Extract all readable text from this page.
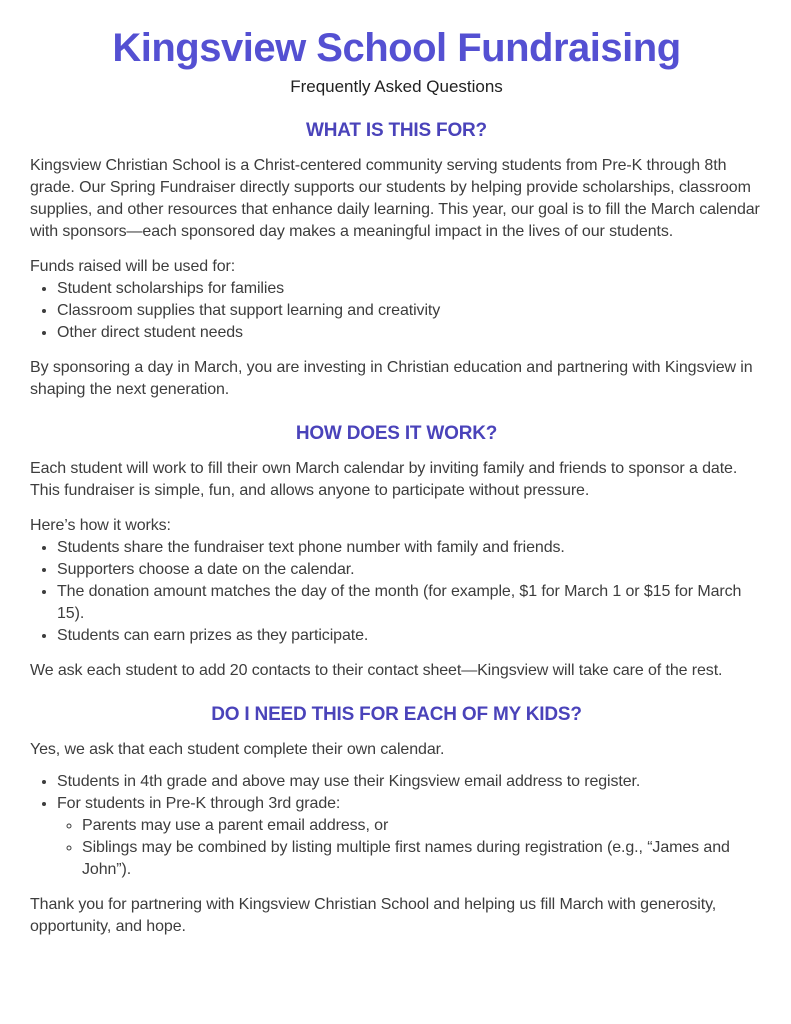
Kingsview School Fundraising

Frequently Asked Questions

WHAT IS THIS FOR?

Kingsview Christian School is a Christ-centered community serving students from Pre-K through 8th grade. Our Spring Fundraiser directly supports our students by helping provide scholarships, classroom supplies, and other resources that enhance daily learning. This year, our goal is to fill the March calendar with sponsors—each sponsored day makes a meaningful impact in the lives of our students.

Funds raised will be used for:

• Student scholarships for families
• Classroom supplies that support learning and creativity
• Other direct student needs

By sponsoring a day in March, you are investing in Christian education and partnering with Kingsview in shaping the next generation.

HOW DOES IT WORK?

Each student will work to fill their own March calendar by inviting family and friends to sponsor a date. This fundraiser is simple, fun, and allows anyone to participate without pressure.

Here’s how it works:

• Students share the fundraiser text phone number with family and friends.
• Supporters choose a date on the calendar.
• The donation amount matches the day of the month (for example, $1 for March 1 or $15 for March 15).
• Students can earn prizes as they participate.

We ask each student to add 20 contacts to their contact sheet—Kingsview will take care of the rest.

DO I NEED THIS FOR EACH OF MY KIDS?

Yes, we ask that each student complete their own calendar.

• Students in 4th grade and above may use their Kingsview email address to register.
• For students in Pre-K through 3rd grade:
◦ Parents may use a parent email address, or
◦ Siblings may be combined by listing multiple first names during registration (e.g., “James and John”).

Thank you for partnering with Kingsview Christian School and helping us fill March with generosity, opportunity, and hope.
